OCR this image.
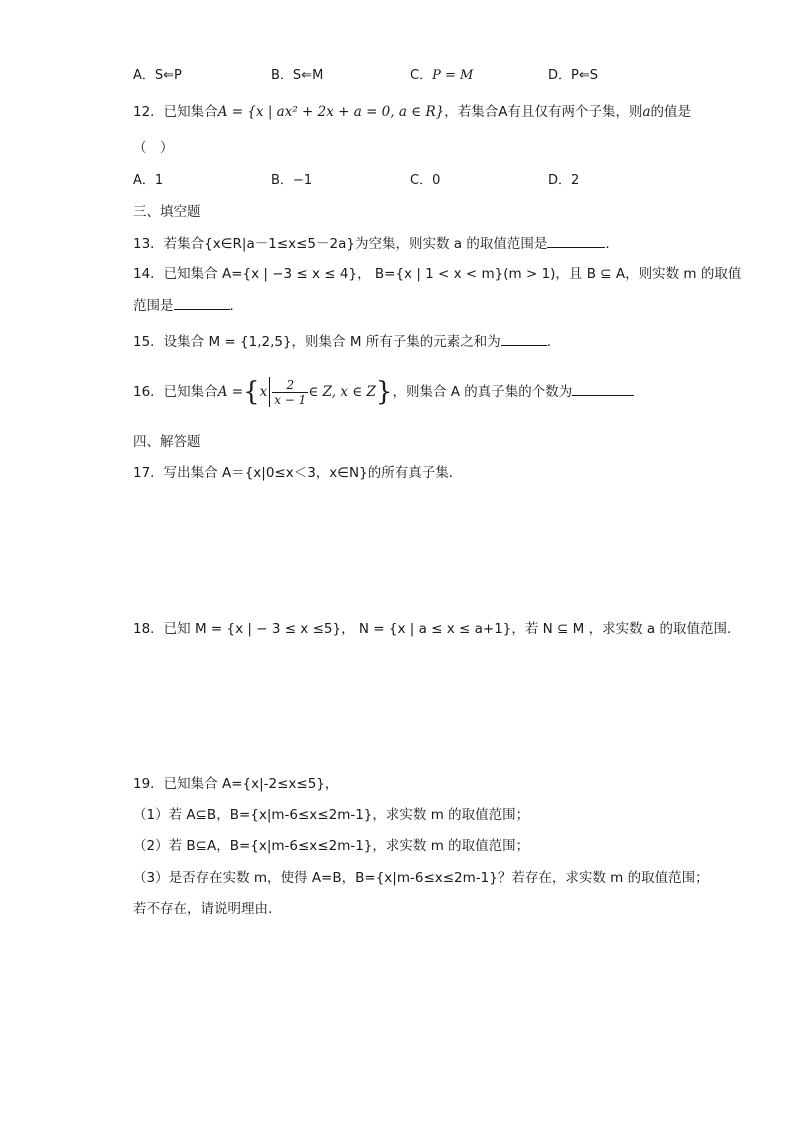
A．S⇐P	B．S⇐M	C．P = M	D．P⇐S
12．已知集合A = {x | ax² + 2x + a = 0, a ∈ R}，若集合A有且仅有两个子集，则a的值是
（　）
A．1	B．−1	C．0	D．2
三、填空题
13．若集合{x∈R|a－1≤x≤5－2a}为空集，则实数 a 的取值范围是	．
14．已知集合 A={x | −3 ≤ x ≤ 4}， B={x | 1 < x < m}(m > 1)，且 B ⊆ A，则实数 m 的取值
范围是	．
15．设集合 M = {1,2,5}，则集合 M 所有子集的元素之和为	.
16．已知集合$A =\{x \frac{2}{x - 1}$ ∈ Z, x ∈ Z}，则集合 A 的真子集的个数为
四、解答题
17．写出集合 A＝{x|0≤x＜3，x∈N}的所有真子集．
18．已知 M = {x | − 3 ≤ x ≤5}， N = {x | a ≤ x ≤ a+1}，若 N ⊆ M ，求实数 a 的取值范围.
19．已知集合 A={x|-2≤x≤5}，
（1）若 A⊆B，B={x|m-6≤x≤2m-1}，求实数 m 的取值范围；
（2）若 B⊆A，B={x|m-6≤x≤2m-1}，求实数 m 的取值范围；
（3）是否存在实数 m，使得 A=B，B={x|m-6≤x≤2m-1}？若存在，求实数 m 的取值范围；
若不存在，请说明理由.
